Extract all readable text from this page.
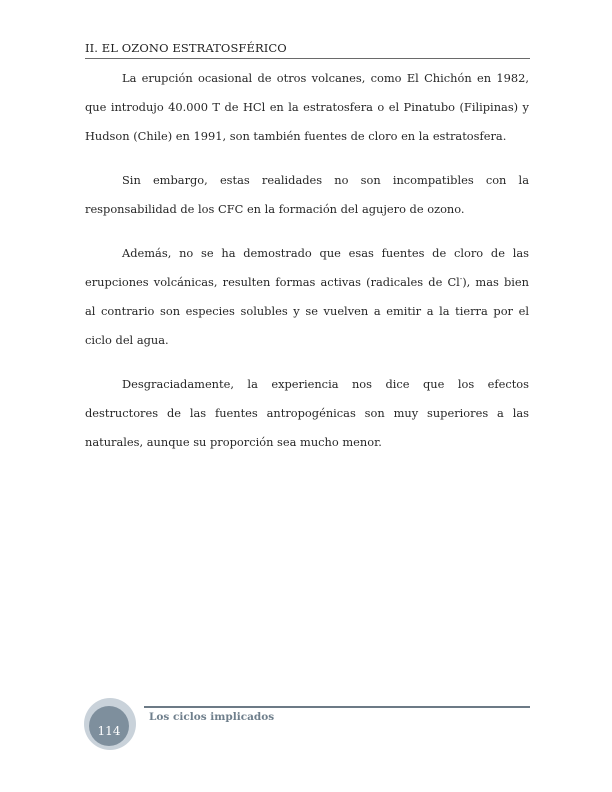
II. EL OZONO ESTRATOSFÉRICO

La erupción ocasional de otros volcanes, como El Chichón en 1982, que introdujo 40.000 T de HCl en la estratosfera o el Pinatubo (Filipinas) y Hudson (Chile) en 1991, son también fuentes de cloro en la estratosfera.

Sin embargo, estas realidades no son incompatibles con la responsabilidad de los CFC en la formación del agujero de ozono.

Además, no se ha demostrado que esas fuentes de cloro de las erupciones volcánicas, resulten formas activas (radicales de Cl-), mas bien al contrario son especies solubles y se vuelven a emitir a la tierra por el ciclo del agua.

Desgraciadamente, la experiencia nos dice que los efectos destructores de las fuentes antropogénicas son muy superiores a las naturales, aunque su proporción sea mucho menor.

Los ciclos implicados
114
